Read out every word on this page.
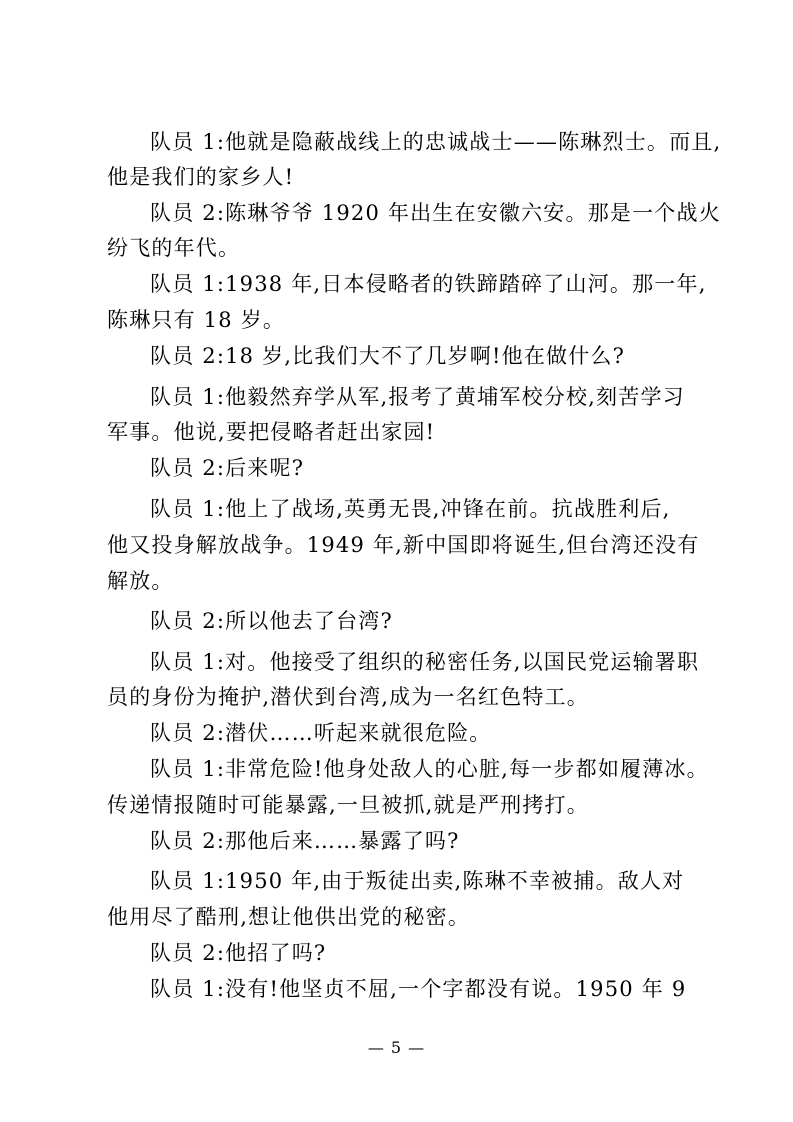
队员 1:他就是隐蔽战线上的忠诚战士——陈琳烈士。而且,
他是我们的家乡人!
队员 2:陈琳爷爷 1920 年出生在安徽六安。那是一个战火
纷飞的年代。
队员 1:1938 年,日本侵略者的铁蹄踏碎了山河。那一年,
陈琳只有 18 岁。
队员 2:18 岁,比我们大不了几岁啊!他在做什么?
队员 1:他毅然弃学从军,报考了黄埔军校分校,刻苦学习
军事。他说,要把侵略者赶出家园!
队员 2:后来呢?
队员 1:他上了战场,英勇无畏,冲锋在前。抗战胜利后,
他又投身解放战争。1949 年,新中国即将诞生,但台湾还没有
解放。
队员 2:所以他去了台湾?
队员 1:对。他接受了组织的秘密任务,以国民党运输署职
员的身份为掩护,潜伏到台湾,成为一名红色特工。
队员 2:潜伏……听起来就很危险。
队员 1:非常危险!他身处敌人的心脏,每一步都如履薄冰。
传递情报随时可能暴露,一旦被抓,就是严刑拷打。
队员 2:那他后来……暴露了吗?
队员 1:1950 年,由于叛徒出卖,陈琳不幸被捕。敌人对
他用尽了酷刑,想让他供出党的秘密。
队员 2:他招了吗?
队员 1:没有!他坚贞不屈,一个字都没有说。1950 年 9
— 5 —
